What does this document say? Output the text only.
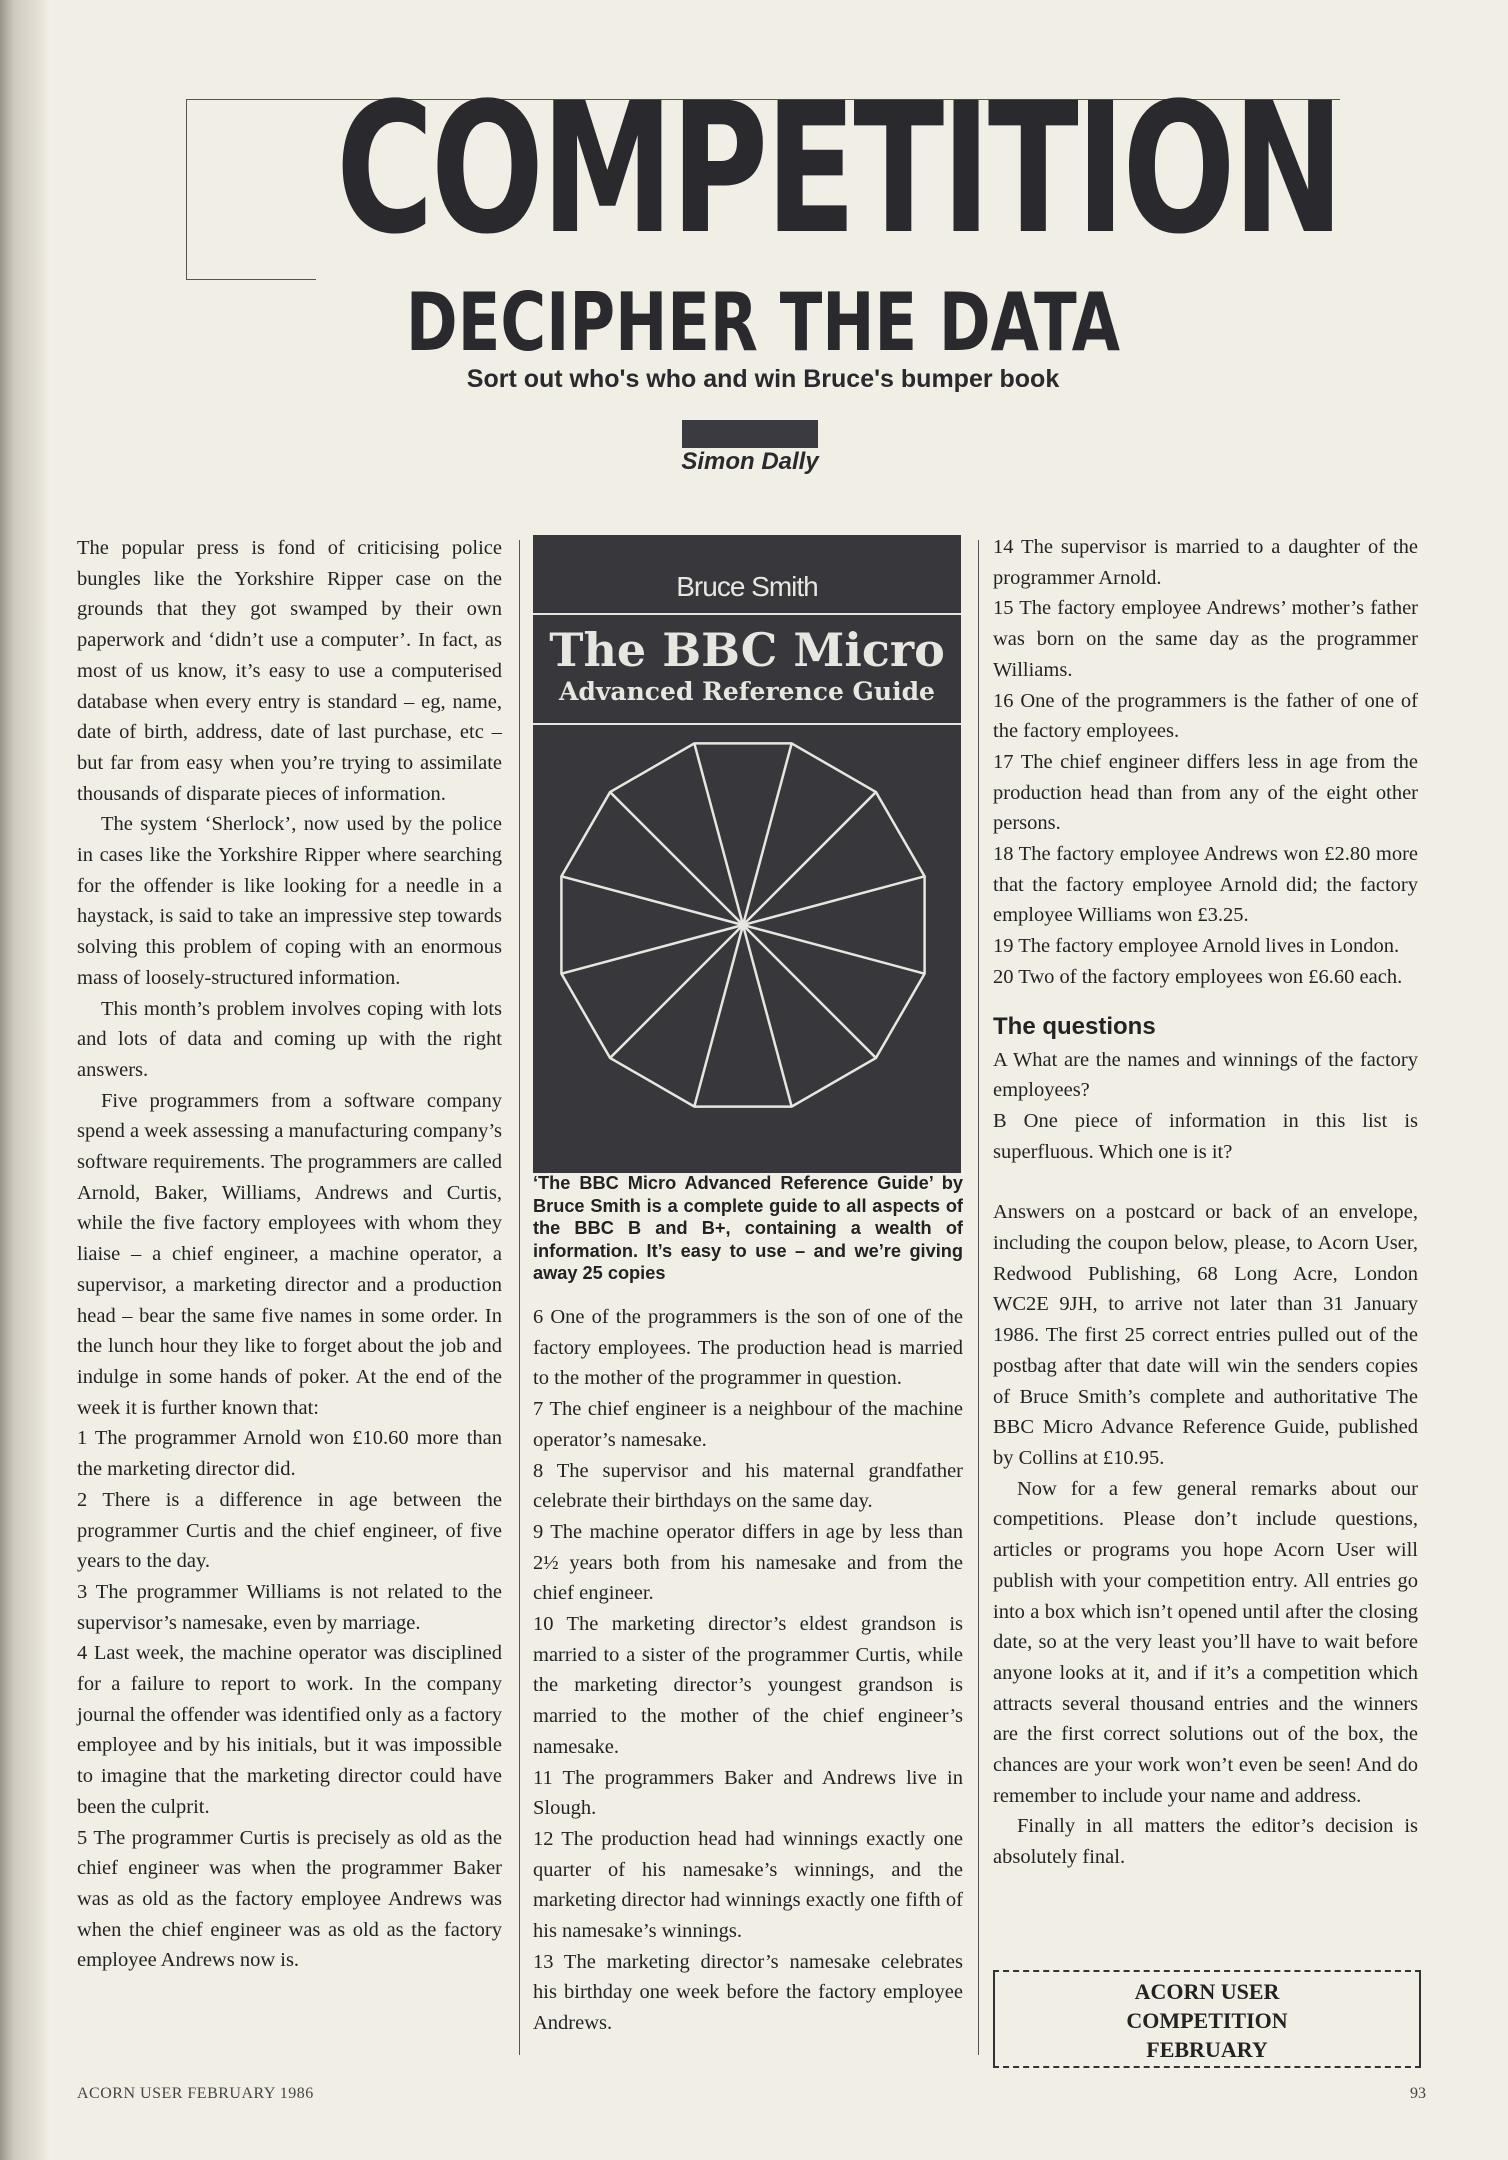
COMPETITION
DECIPHER THE DATA
Sort out who's who and win Bruce's bumper book
Simon Dally

The popular press is fond of criticising police bungles like the Yorkshire Ripper case on the grounds that they got swamped by their own paperwork and ‘didn’t use a computer’. In fact, as most of us know, it’s easy to use a computerised database when every entry is standard – eg, name, date of birth, address, date of last purchase, etc – but far from easy when you’re trying to assimilate thousands of disparate pieces of information.

The system ‘Sherlock’, now used by the police in cases like the Yorkshire Ripper where searching for the offender is like looking for a needle in a haystack, is said to take an impressive step towards solving this problem of coping with an enormous mass of loosely-structured information.

This month’s problem involves coping with lots and lots of data and coming up with the right answers.

Five programmers from a software company spend a week assessing a manufacturing company’s software requirements. The programmers are called Arnold, Baker, Williams, Andrews and Curtis, while the five factory employees with whom they liaise – a chief engineer, a machine operator, a supervisor, a marketing director and a production head – bear the same five names in some order. In the lunch hour they like to forget about the job and indulge in some hands of poker. At the end of the week it is further known that:

1 The programmer Arnold won £10.60 more than the marketing director did.

2 There is a difference in age between the programmer Curtis and the chief engineer, of five years to the day.

3 The programmer Williams is not related to the supervisor’s namesake, even by marriage.

4 Last week, the machine operator was disciplined for a failure to report to work. In the company journal the offender was identified only as a factory employee and by his initials, but it was impossible to imagine that the marketing director could have been the culprit.

5 The programmer Curtis is precisely as old as the chief engineer was when the programmer Baker was as old as the factory employee Andrews was when the chief engineer was as old as the factory employee Andrews now is.

Bruce Smith
The BBC Micro
Advanced Reference Guide
‘The BBC Micro Advanced Reference Guide’ by Bruce Smith is a complete guide to all aspects of the BBC B and B+, containing a wealth of information. It’s easy to use – and we’re giving away 25 copies

6 One of the programmers is the son of one of the factory employees. The production head is married to the mother of the programmer in question.

7 The chief engineer is a neighbour of the machine operator’s namesake.

8 The supervisor and his maternal grandfather celebrate their birthdays on the same day.

9 The machine operator differs in age by less than 2½ years both from his namesake and from the chief engineer.

10 The marketing director’s eldest grandson is married to a sister of the programmer Curtis, while the marketing director’s youngest grandson is married to the mother of the chief engineer’s namesake.

11 The programmers Baker and Andrews live in Slough.

12 The production head had winnings exactly one quarter of his namesake’s winnings, and the marketing director had winnings exactly one fifth of his namesake’s winnings.

13 The marketing director’s namesake celebrates his birthday one week before the factory employee Andrews.

14 The supervisor is married to a daughter of the programmer Arnold.

15 The factory employee Andrews’ mother’s father was born on the same day as the programmer Williams.

16 One of the programmers is the father of one of the factory employees.

17 The chief engineer differs less in age from the production head than from any of the eight other persons.

18 The factory employee Andrews won £2.80 more that the factory employee Arnold did; the factory employee Williams won £3.25.

19 The factory employee Arnold lives in London.

20 Two of the factory employees won £6.60 each.

The questions

A What are the names and winnings of the factory employees?

B One piece of information in this list is superfluous. Which one is it?

Answers on a postcard or back of an envelope, including the coupon below, please, to Acorn User, Redwood Publishing, 68 Long Acre, London WC2E 9JH, to arrive not later than 31 January 1986. The first 25 correct entries pulled out of the postbag after that date will win the senders copies of Bruce Smith’s complete and authoritative The BBC Micro Advance Reference Guide, published by Collins at £10.95.

Now for a few general remarks about our competitions. Please don’t include questions, articles or programs you hope Acorn User will publish with your competition entry. All entries go into a box which isn’t opened until after the closing date, so at the very least you’ll have to wait before anyone looks at it, and if it’s a competition which attracts several thousand entries and the winners are the first correct solutions out of the box, the chances are your work won’t even be seen! And do remember to include your name and address.

Finally in all matters the editor’s decision is absolutely final.

ACORN USER
COMPETITION
FEBRUARY
ACORN USER FEBRUARY 1986	93
